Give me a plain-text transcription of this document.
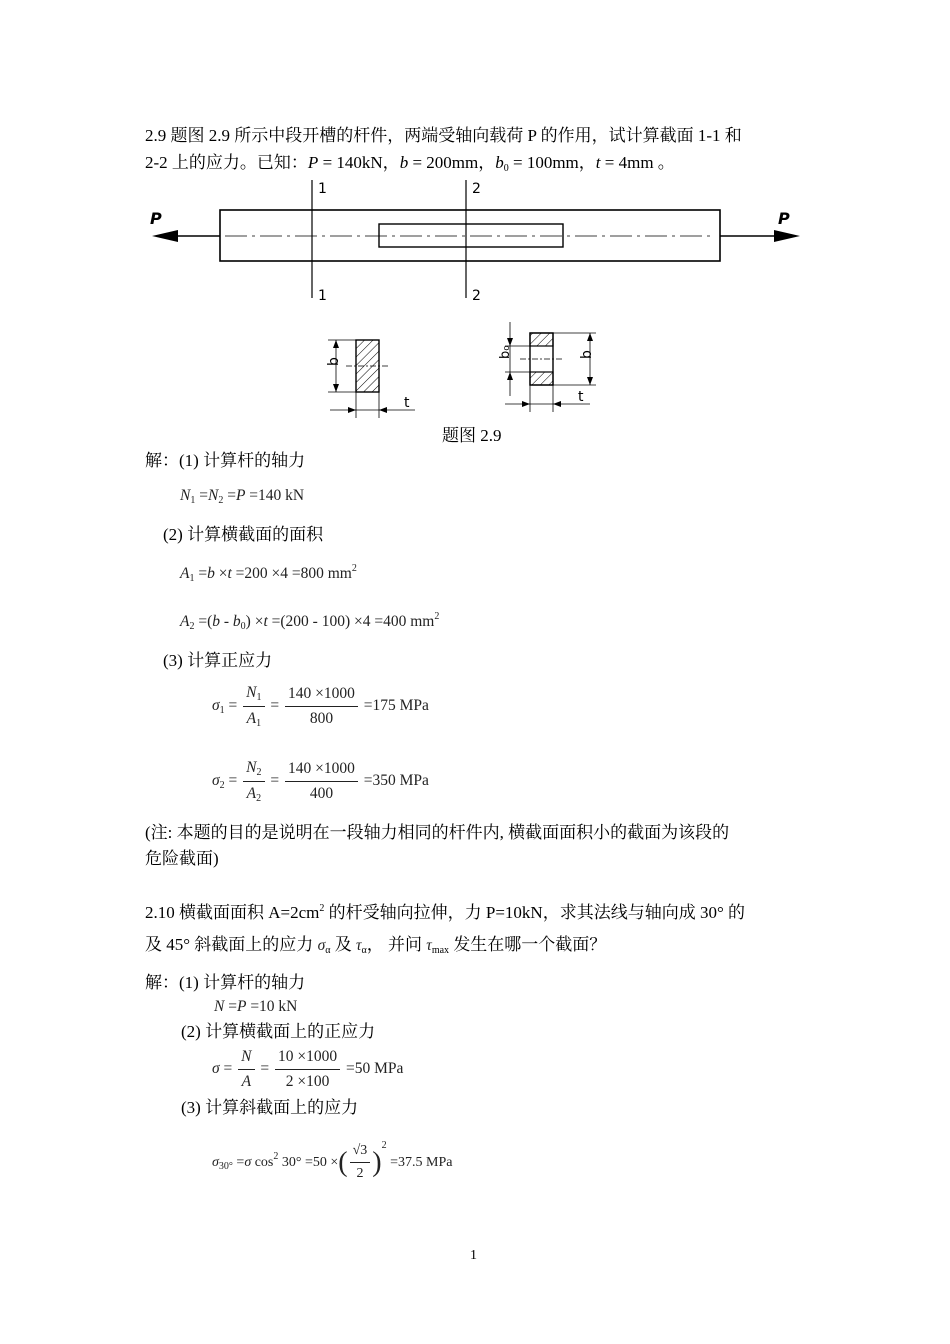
2.9 题图 2.9 所示中段开槽的杆件，两端受轴向载荷 P 的作用，试计算截面 1-1 和
2-2 上的应力。已知：P = 140kN，b = 200mm，$b_0 = 100mm$，t = 4mm 。
P	P
1
1
2
2
b
t
b₀	b
t
题图 2.9
解：(1) 计算杆的轴力
$N_1 =N_2 =P =140$ kN
(2) 计算横截面的面积
$A_1 =b \times t =200 \times 4 =800$ $mm^2$
$A_2 =(b - b_0) \times t =(200 - 100) \times 4 =400$ $mm^2$
(3) 计算正应力
$\sigma_1 = \frac{N_1}{A_1} = \frac{140 \times 1000}{800} =175$ MPa
$\sigma_2 = \frac{N_2}{A_2} = \frac{140 \times 1000}{400} =350$ MPa
(注: 本题的目的是说明在一段轴力相同的杆件内, 横截面面积小的截面为该段的
危险截面)
2.10 横截面面积 $A=2cm^2$ 的杆受轴向拉伸，力 P=10kN，求其法线与轴向成 30° 的
及 45° 斜截面上的应力 $\sigma_\alpha$ 及 $\tau_\alpha$， 并问 $\tau_{max}$ 发生在哪一个截面？
解：(1) 计算杆的轴力
N =P =10 kN
(2) 计算横截面上的正应力
$\sigma = \frac{N}{A} = \frac{10 \times 1000}{2 \times 100} =50$ MPa
(3) 计算斜截面上的应力
$\sigma_{30^\circ} =\sigma$ $\cos^2 30^\circ =50$ ×( $\frac{√3}{2} )^2 =37.5$ MPa
1
